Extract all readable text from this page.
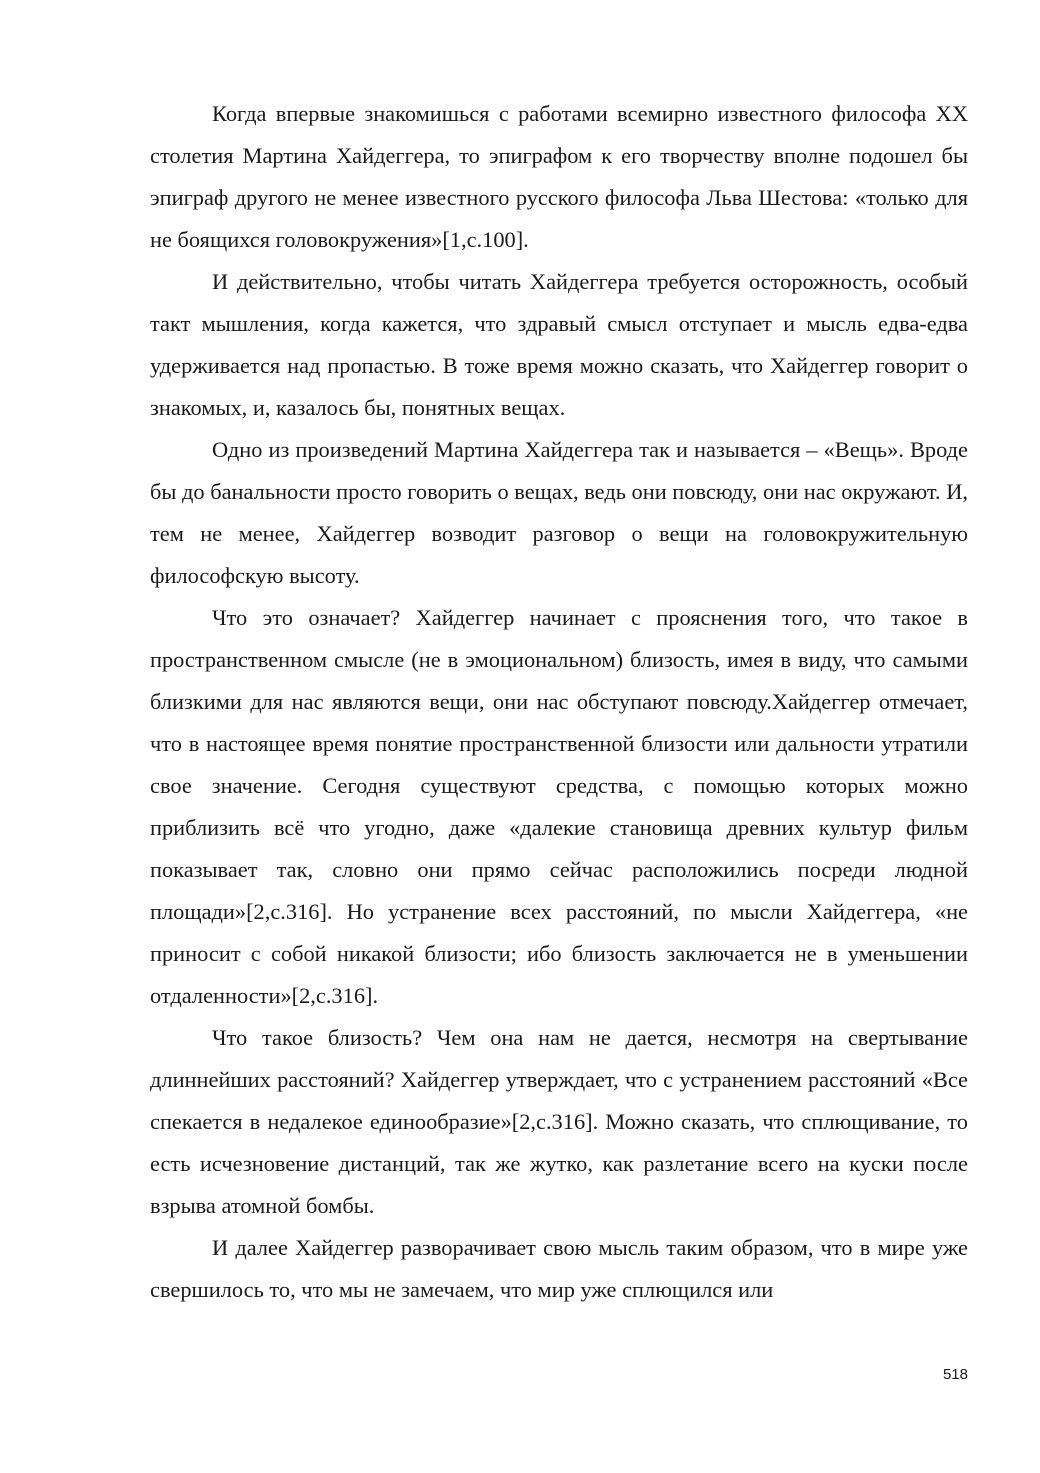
Когда впервые знакомишься с работами всемирно известного философа XX столетия Мартина Хайдеггера, то эпиграфом к его творчеству вполне подошел бы эпиграф другого не менее известного русского философа Льва Шестова: «только для не боящихся головокружения»[1,с.100].

И действительно, чтобы читать Хайдеггера требуется осторожность, особый такт мышления, когда кажется, что здравый смысл отступает и мысль едва-едва удерживается над пропастью. В тоже время можно сказать, что Хайдеггер говорит о знакомых, и, казалось бы, понятных вещах.

Одно из произведений Мартина Хайдеггера так и называется – «Вещь». Вроде бы до банальности просто говорить о вещах, ведь они повсюду, они нас окружают. И, тем не менее, Хайдеггер возводит разговор о вещи на головокружительную философскую высоту.

Что это означает? Хайдеггер начинает с прояснения того, что такое в пространственном смысле (не в эмоциональном) близость, имея в виду, что самыми близкими для нас являются вещи, они нас обступают повсюду.Хайдеггер отмечает, что в настоящее время понятие пространственной близости или дальности утратили свое значение. Сегодня существуют средства, с помощью которых можно приблизить всё что угодно, даже «далекие становища древних культур фильм показывает так, словно они прямо сейчас расположились посреди людной площади»[2,с.316]. Но устранение всех расстояний, по мысли Хайдеггера, «не приносит с собой никакой близости; ибо близость заключается не в уменьшении отдаленности»[2,с.316].

Что такое близость? Чем она нам не дается, несмотря на свертывание длиннейших расстояний? Хайдеггер утверждает, что с устранением расстояний «Все спекается в недалекое единообразие»[2,с.316]. Можно сказать, что сплющивание, то есть исчезновение дистанций, так же жутко, как разлетание всего на куски после взрыва атомной бомбы.

И далее Хайдеггер разворачивает свою мысль таким образом, что в мире уже свершилось то, что мы не замечаем, что мир уже сплющился или

518
